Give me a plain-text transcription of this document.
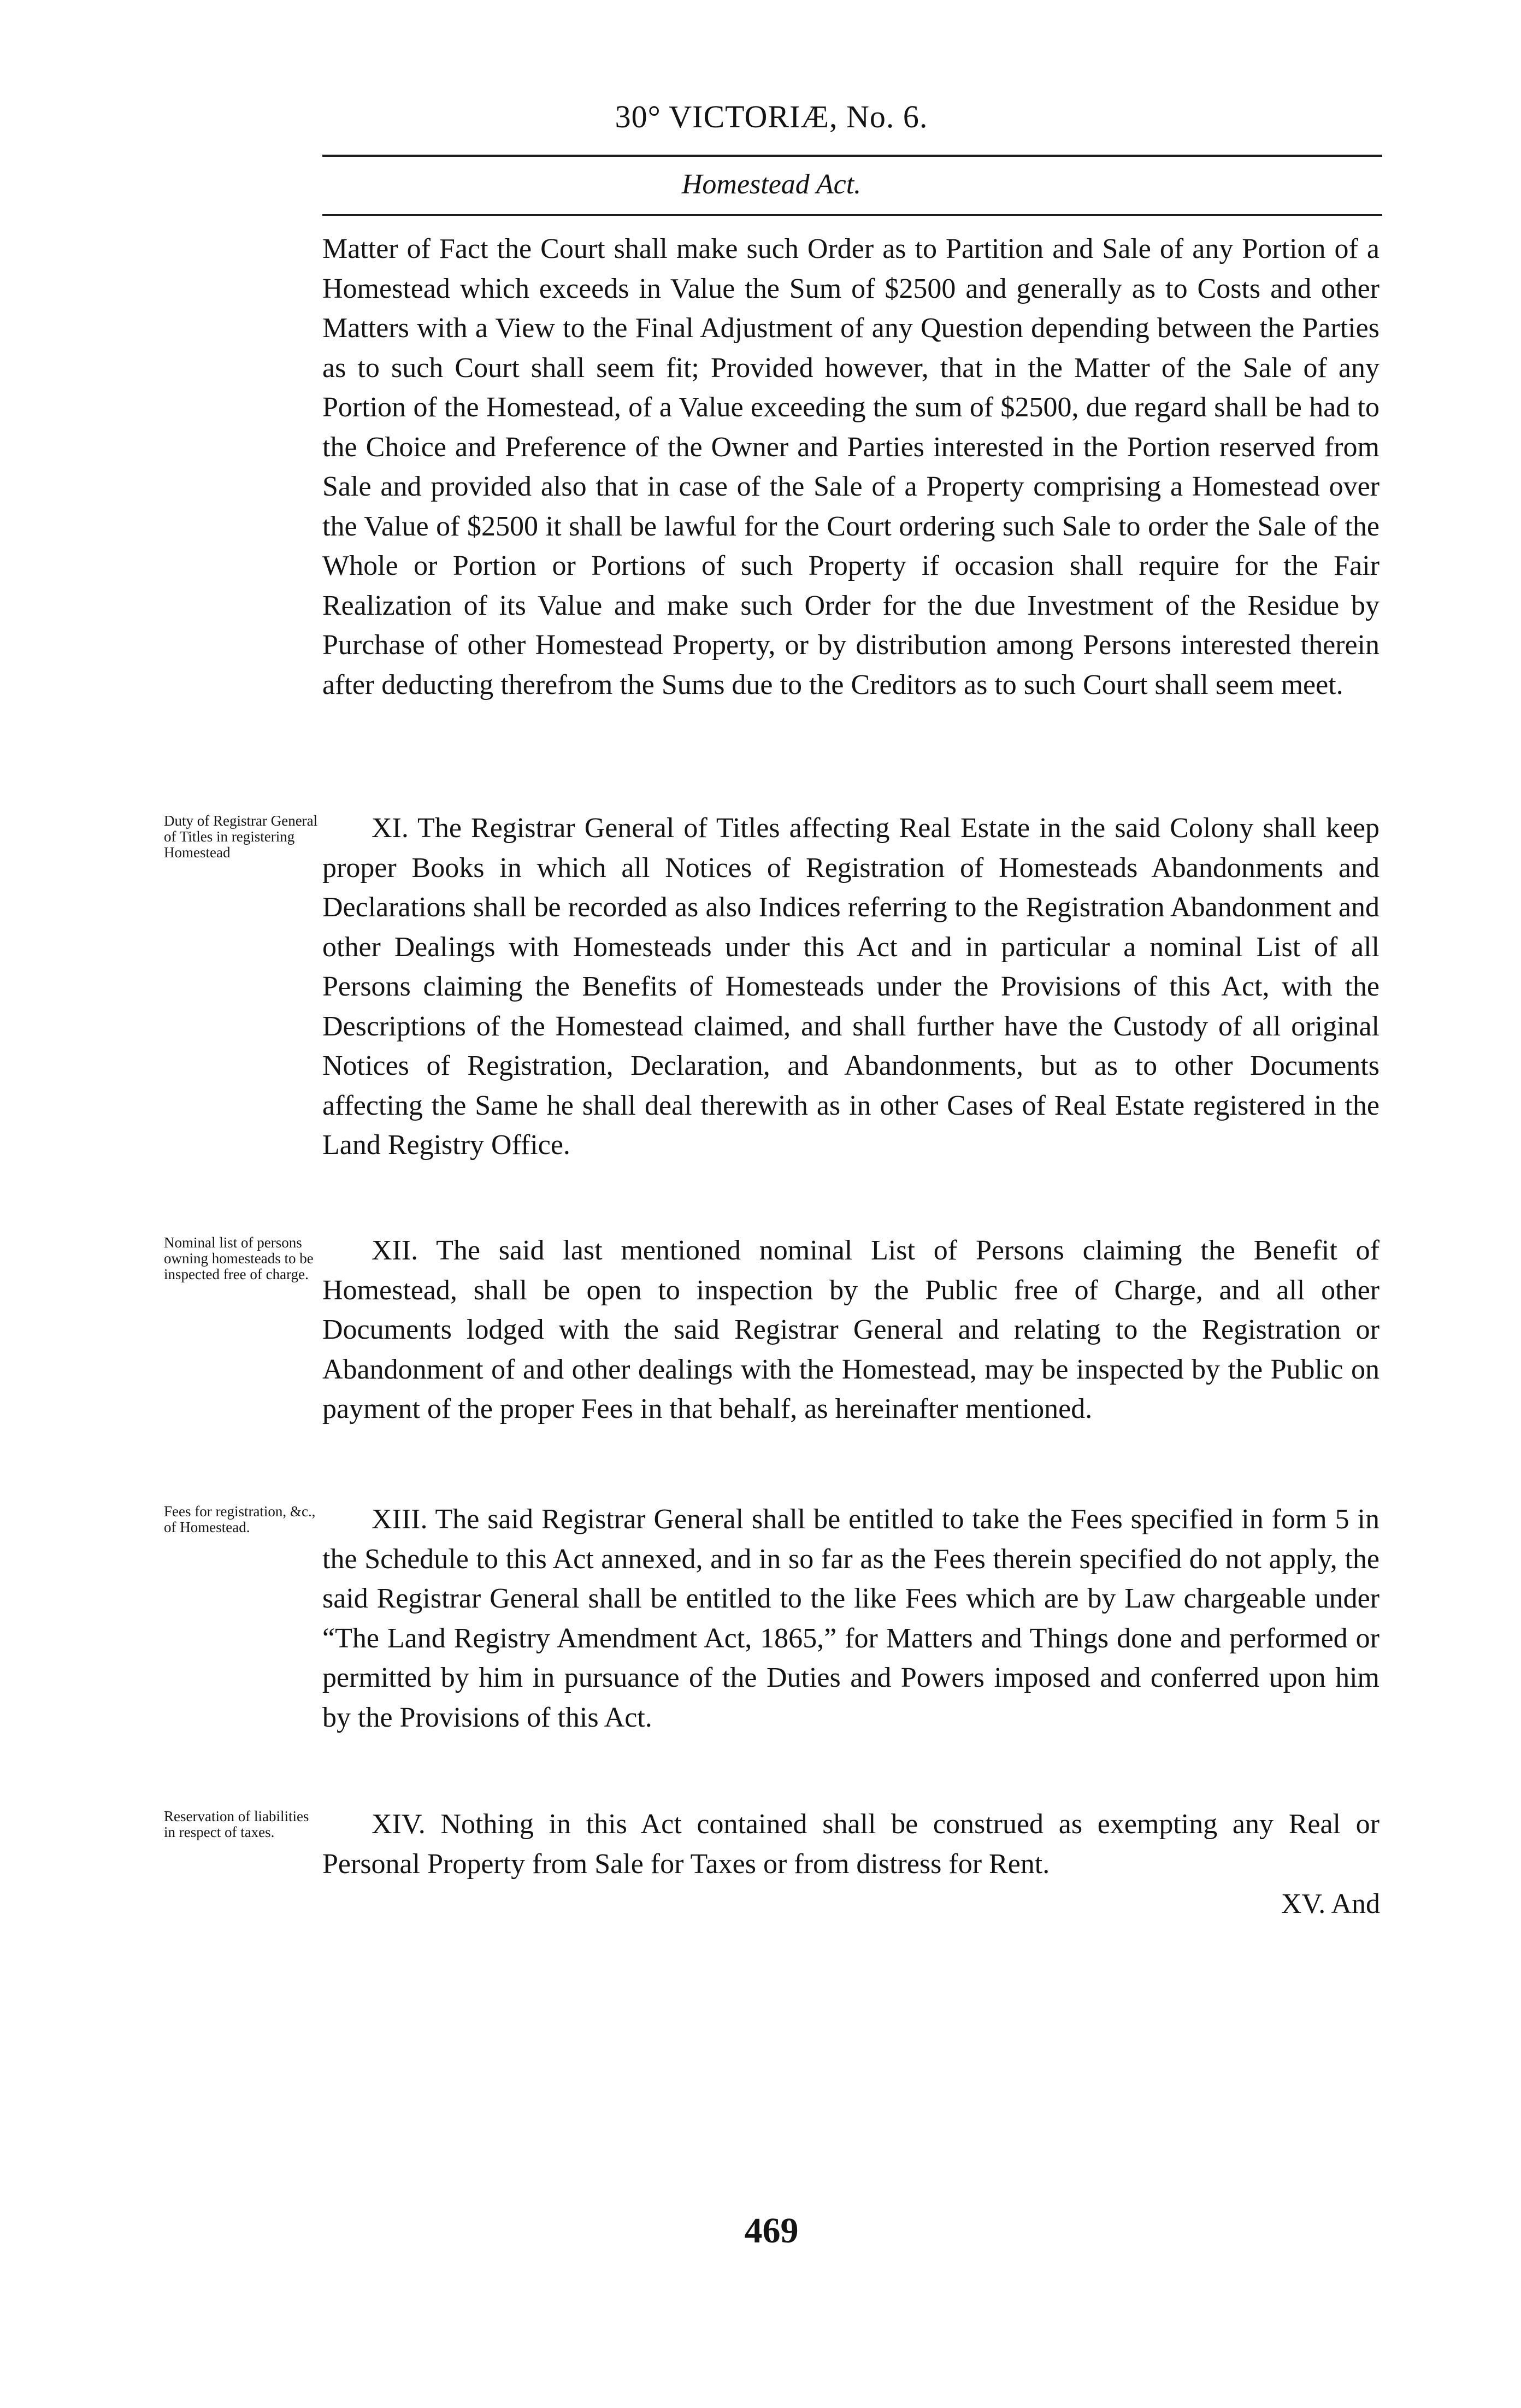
30° VICTORIÆ, No. 6.
Homestead Act.

Matter of Fact the Court shall make such Order as to Partition and Sale of any Portion of a Homestead which exceeds in Value the Sum of $2500 and generally as to Costs and other Matters with a View to the Final Adjustment of any Question depending between the Parties as to such Court shall seem fit; Provided however, that in the Matter of the Sale of any Portion of the Homestead, of a Value exceeding the sum of $2500, due regard shall be had to the Choice and Preference of the Owner and Parties interested in the Portion reserved from Sale and provided also that in case of the Sale of a Property comprising a Homestead over the Value of $2500 it shall be lawful for the Court ordering such Sale to order the Sale of the Whole or Portion or Portions of such Property if occasion shall require for the Fair Realization of its Value and make such Order for the due Investment of the Residue by Purchase of other Homestead Property, or by distribution among Persons interested therein after deducting therefrom the Sums due to the Creditors as to such Court shall seem meet.

Duty of Registrar General of Titles in registering Homestead

XI. The Registrar General of Titles affecting Real Estate in the said Colony shall keep proper Books in which all Notices of Registration of Homesteads Abandonments and Declarations shall be recorded as also Indices referring to the Registration Abandonment and other Dealings with Homesteads under this Act and in particular a nominal List of all Persons claiming the Benefits of Homesteads under the Provisions of this Act, with the Descriptions of the Homestead claimed, and shall further have the Custody of all original Notices of Registration, Declaration, and Abandonments, but as to other Documents affecting the Same he shall deal therewith as in other Cases of Real Estate registered in the Land Registry Office.

Nominal list of persons owning homesteads to be inspected free of charge.

XII. The said last mentioned nominal List of Persons claiming the Benefit of Homestead, shall be open to inspection by the Public free of Charge, and all other Documents lodged with the said Registrar General and relating to the Registration or Abandonment of and other dealings with the Homestead, may be inspected by the Public on payment of the proper Fees in that behalf, as hereinafter mentioned.

Fees for registration, &c., of Homestead.	XIII. The said Registrar General shall be entitled to take the Fees specified in form 5 in the Schedule to this Act annexed, and in so far as the Fees therein specified do not apply, the said Registrar General shall be entitled to the like Fees which are by Law chargeable under “The Land Registry Amendment Act, 1865,” for Matters and Things done and performed or permitted by him in pursuance of the Duties and Powers imposed and conferred upon him by the Provisions of this Act.

Reservation of liabilities in respect of taxes.	XIV. Nothing in this Act contained shall be construed as exempting any Real or Personal Property from Sale for Taxes or from distress for Rent.

XV. And
469
